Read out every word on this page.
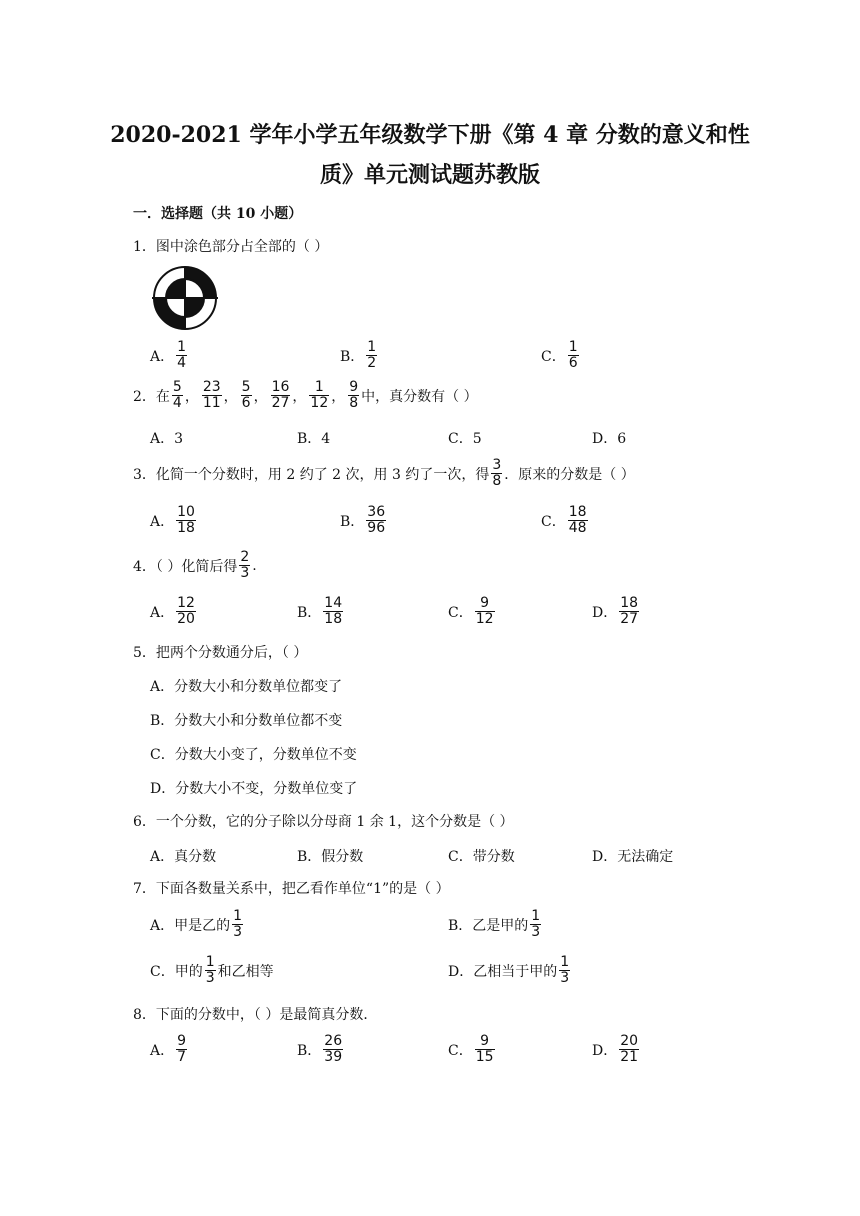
2020-2021 学年小学五年级数学下册《第 4 章 分数的意义和性
质》单元测试题苏教版
一．选择题（共 10 小题）
1．图中涂色部分占全部的（ ）
A． $\frac{1}{4}$	B． $\frac{1}{2}$	C． $\frac{1}{6}$
2．在 $\frac{5}{4}$ ， $\frac{23}{11}$ ， $\frac{5}{6}$ ， $\frac{16}{27}$ ， $\frac{1}{12}$ ， $\frac{9}{8}$ 中，真分数有（ ）
A．3	B．4	C．5	D．6
3．化简一个分数时，用 2 约了 2 次，用 3 约了一次，得 $\frac{3}{8}$ ．原来的分数是（ ）
A． $\frac{10}{18}$	B． $\frac{36}{96}$	C． $\frac{18}{48}$
4．（ ）化简后得 $\frac{2}{3}$ .
A． $\frac{12}{20}$	B． $\frac{14}{18}$	C． $\frac{9}{12}$	D． $\frac{18}{27}$
5．把两个分数通分后，（ ）
A．分数大小和分数单位都变了
B．分数大小和分数单位都不变
C．分数大小变了，分数单位不变
D．分数大小不变，分数单位变了
6．一个分数，它的分子除以分母商 1 余 1，这个分数是（ ）
A．真分数	B．假分数	C．带分数	D．无法确定
7．下面各数量关系中，把乙看作单位“1”的是（ ）
A．甲是乙的 $\frac{1}{3}$	B．乙是甲的 $\frac{1}{3}$
C．甲的 $\frac{1}{3}$ 和乙相等	D．乙相当于甲的 $\frac{1}{3}$
8．下面的分数中，（ ）是最简真分数．
A． $\frac{9}{7}$	B． $\frac{26}{39}$	C． $\frac{9}{15}$	D． $\frac{20}{21}$
